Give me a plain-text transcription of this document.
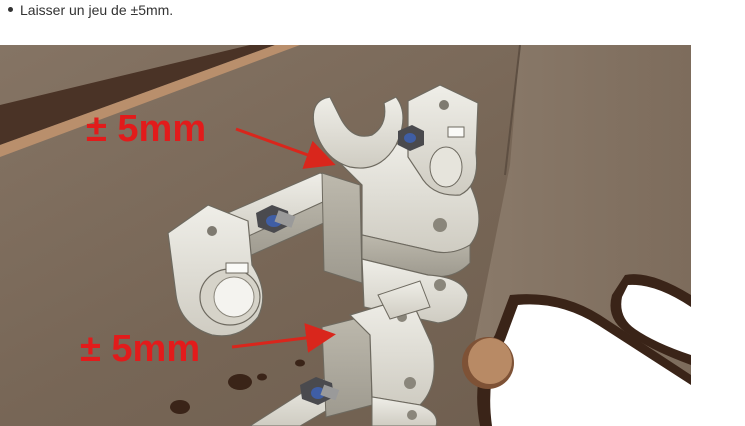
Laisser un jeu de ±5mm.
± 5mm
± 5mm
